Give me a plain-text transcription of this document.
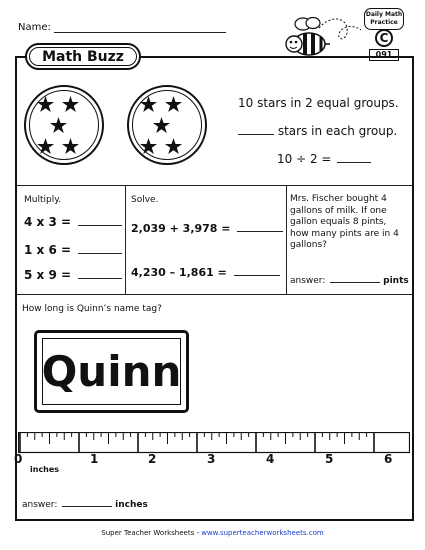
Name:
Daily Math
Practice
C
091
Math Buzz
10 stars in 2 equal groups.
stars in each group.
10 ÷ 2 =
Multiply.
4 x 3 =
1 x 6 =
5 x 9 =
Solve.
2,039 + 3,978 =
4,230 – 1,861 =
Mrs. Fischer bought 4 gallons of milk. If one gallon equals 8 pints, how many pints are in 4 gallons?
answer:	pints
How long is Quinn’s name tag?
Quinn
0	1	2	3	4	5	6
inches
answer:	inches
Super Teacher Worksheets - www.superteacherworksheets.com
